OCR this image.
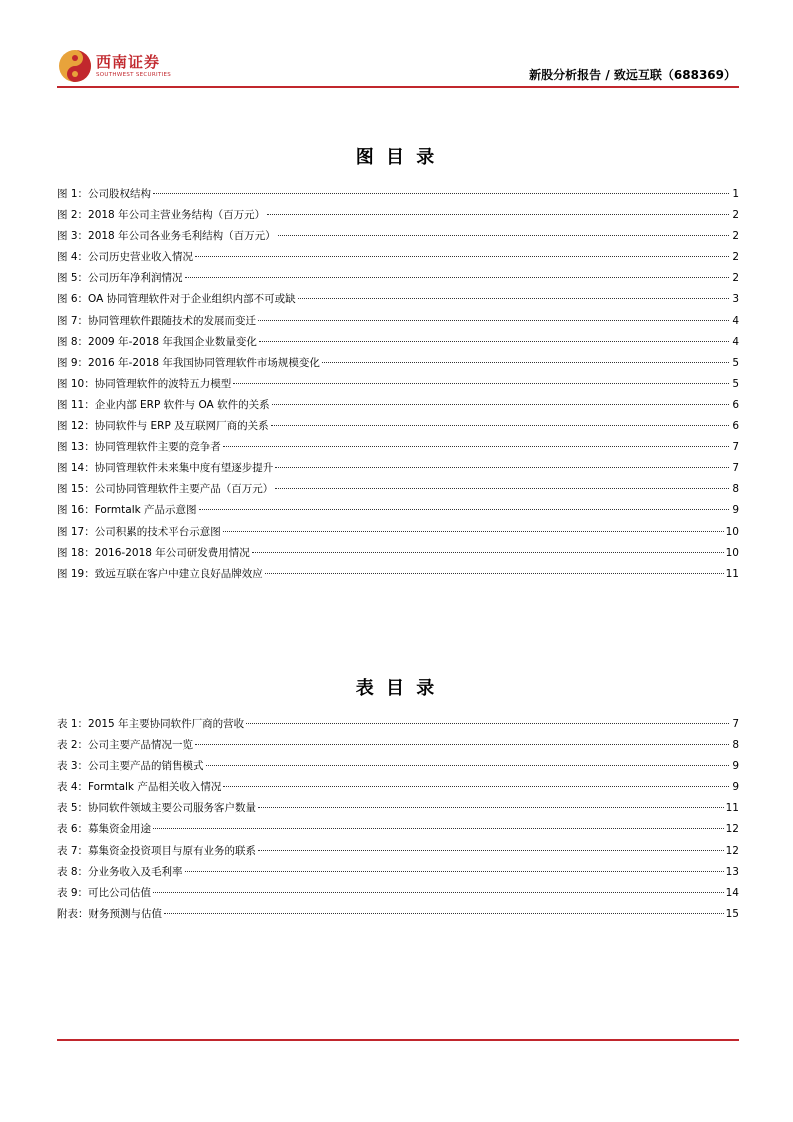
西南证券
SOUTHWEST SECURITIES	新股分析报告 / 致远互联（688369）
图 目 录
图 1：公司股权结构	1
图 2：2018 年公司主营业务结构（百万元）	2
图 3：2018 年公司各业务毛利结构（百万元）	2
图 4：公司历史营业收入情况	2
图 5：公司历年净利润情况	2
图 6：OA 协同管理软件对于企业组织内部不可或缺	3
图 7：协同管理软件跟随技术的发展而变迁	4
图 8：2009 年-2018 年我国企业数量变化	4
图 9：2016 年-2018 年我国协同管理软件市场规模变化	5
图 10：协同管理软件的波特五力模型	5
图 11：企业内部 ERP 软件与 OA 软件的关系	6
图 12：协同软件与 ERP 及互联网厂商的关系	6
图 13：协同管理软件主要的竞争者	7
图 14：协同管理软件未来集中度有望逐步提升	7
图 15：公司协同管理软件主要产品（百万元）	8
图 16：Formtalk 产品示意图	9
图 17：公司积累的技术平台示意图	10
图 18：2016-2018 年公司研发费用情况	10
图 19：致远互联在客户中建立良好品牌效应	11
表 目 录
表 1：2015 年主要协同软件厂商的营收	7
表 2：公司主要产品情况一览	8
表 3：公司主要产品的销售模式	9
表 4：Formtalk 产品相关收入情况	9
表 5：协同软件领域主要公司服务客户数量	11
表 6：募集资金用途	12
表 7：募集资金投资项目与原有业务的联系	12
表 8：分业务收入及毛利率	13
表 9：可比公司估值	14
附表：财务预测与估值	15
